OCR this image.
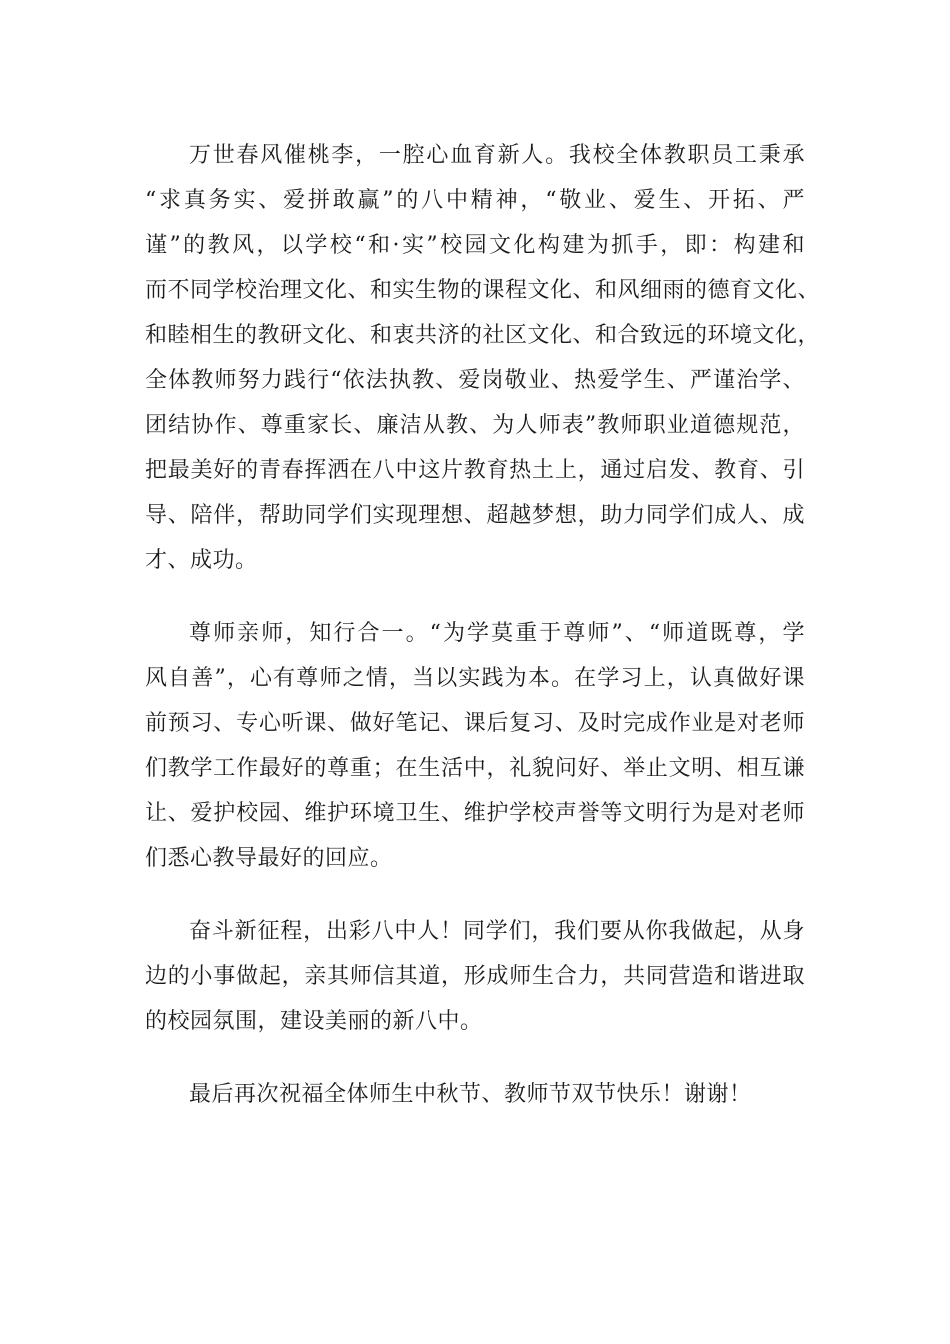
万世春风催桃李，一腔心血育新人。我校全体教职员工秉承
“求真务实、爱拼敢赢”的八中精神，“敬业、爱生、开拓、严
谨”的教风，以学校“和·实”校园文化构建为抓手，即：构建和
而不同学校治理文化、和实生物的课程文化、和风细雨的德育文化、
和睦相生的教研文化、和衷共济的社区文化、和合致远的环境文化，
全体教师努力践行“依法执教、爱岗敬业、热爱学生、严谨治学、
团结协作、尊重家长、廉洁从教、为人师表”教师职业道德规范，
把最美好的青春挥洒在八中这片教育热土上，通过启发、教育、引
导、陪伴，帮助同学们实现理想、超越梦想，助力同学们成人、成
才、成功。
尊师亲师，知行合一。“为学莫重于尊师”、“师道既尊，学
风自善”，心有尊师之情，当以实践为本。在学习上，认真做好课
前预习、专心听课、做好笔记、课后复习、及时完成作业是对老师
们教学工作最好的尊重；在生活中，礼貌问好、举止文明、相互谦
让、爱护校园、维护环境卫生、维护学校声誉等文明行为是对老师
们悉心教导最好的回应。
奋斗新征程，出彩八中人！同学们，我们要从你我做起，从身
边的小事做起，亲其师信其道，形成师生合力，共同营造和谐进取
的校园氛围，建设美丽的新八中。
最后再次祝福全体师生中秋节、教师节双节快乐！谢谢！
